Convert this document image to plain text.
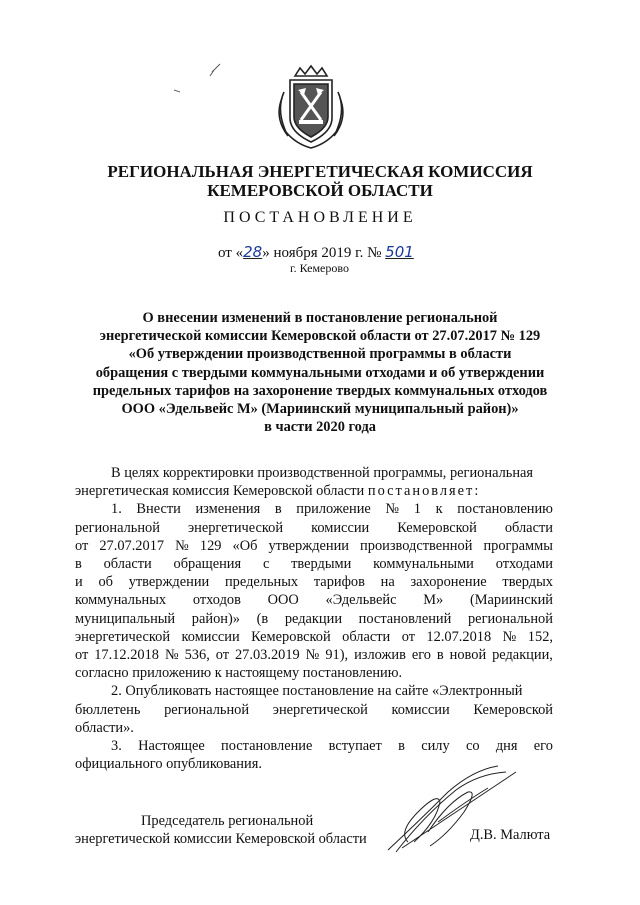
РЕГИОНАЛЬНАЯ ЭНЕРГЕТИЧЕСКАЯ КОМИССИЯ
КЕМЕРОВСКОЙ ОБЛАСТИ
ПОСТАНОВЛЕНИЕ
от «28» ноября 2019 г. № 501
г. Кемерово
О внесении изменений в постановление региональной
энергетической комиссии Кемеровской области от 27.07.2017 № 129
«Об утверждении производственной программы в области
обращения с твердыми коммунальными отходами и об утверждении
предельных тарифов на захоронение твердых коммунальных отходов
ООО «Эдельвейс М» (Мариинский муниципальный район)»
в части 2020 года
В целях корректировки производственной программы, региональная
энергетическая комиссия Кемеровской области постановляет:
1. Внести изменения в приложение № 1 к постановлению
региональной энергетической комиссии Кемеровской области
от 27.07.2017 № 129 «Об утверждении производственной программы
в области обращения с твердыми коммунальными отходами
и об утверждении предельных тарифов на захоронение твердых
коммунальных отходов ООО «Эдельвейс М» (Мариинский
муниципальный район)» (в редакции постановлений региональной
энергетической комиссии Кемеровской области от 12.07.2018 № 152,
от 17.12.2018 № 536, от 27.03.2019 № 91), изложив его в новой редакции,
согласно приложению к настоящему постановлению.
2. Опубликовать настоящее постановление на сайте «Электронный
бюллетень региональной энергетической комиссии Кемеровской
области».
3. Настоящее постановление вступает в силу со дня его
официального опубликования.
Председатель региональной
энергетической комиссии Кемеровской области	Д.В. Малюта
